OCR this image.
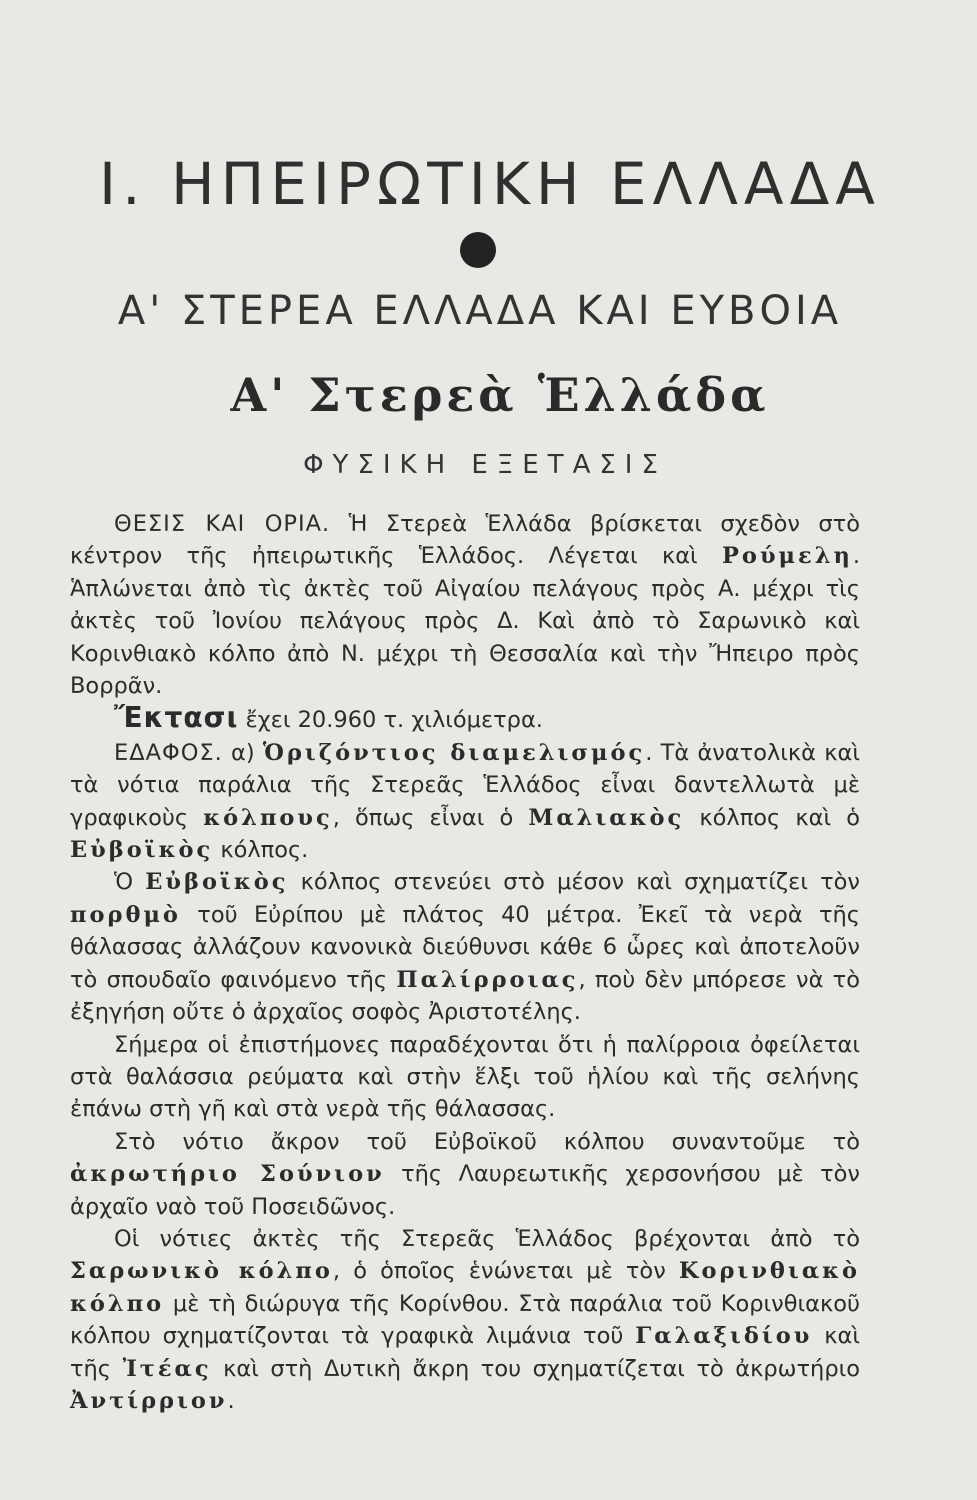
Ι. ΗΠΕΙΡΩΤΙΚΗ ΕΛΛΑΔΑ
Α' ΣΤΕΡΕΑ ΕΛΛΑΔΑ ΚΑΙ ΕΥΒΟΙΑ
Α' Στερεὰ Ἑλλάδα
ΦΥΣΙΚΗ ΕΞΕΤΑΣΙΣ

ΘΕΣΙΣ ΚΑΙ ΟΡΙΑ. Ἡ Στερεὰ Ἑλλάδα βρίσκεται σχεδὸν στὸ κέντρον τῆς ἠπειρωτικῆς Ἑλλάδος. Λέγεται καὶ Ρούμελη. Ἁπλώνεται ἀπὸ τὶς ἀκτὲς τοῦ Αἰγαίου πελάγους πρὸς Α. μέχρι τὶς ἀκτὲς τοῦ Ἰονίου πελάγους πρὸς Δ. Καὶ ἀπὸ τὸ Σαρωνικὸ καὶ Κορινθιακὸ κόλπο ἀπὸ Ν. μέχρι τὴ Θεσσαλία καὶ τὴν Ἤπειρο πρὸς Βορρᾶν.

Ἔκτασι ἔχει 20.960 τ. χιλιόμετρα.

ΕΔΑΦΟΣ. α) Ὁριζόντιος διαμελισμός. Τὰ ἀνατολικὰ καὶ τὰ νότια παράλια τῆς Στερεᾶς Ἑλλάδος εἶναι δαντελλωτὰ μὲ γραφικοὺς κόλπους, ὅπως εἶναι ὁ Μαλιακὸς κόλπος καὶ ὁ Εὐβοϊκὸς κόλπος.

Ὁ Εὐβοϊκὸς κόλπος στενεύει στὸ μέσον καὶ σχηματίζει τὸν πορθμὸ τοῦ Εὐρίπου μὲ πλάτος 40 μέτρα. Ἐκεῖ τὰ νερὰ τῆς θάλασσας ἀλλάζουν κανονικὰ διεύθυνσι κάθε 6 ὧρες καὶ ἀποτελοῦν τὸ σπουδαῖο φαινόμενο τῆς Παλίρροιας, ποὺ δὲν μπόρεσε νὰ τὸ ἐξηγήση οὔτε ὁ ἀρχαῖος σοφὸς Ἀριστοτέλης.

Σήμερα οἱ ἐπιστήμονες παραδέχονται ὅτι ἡ παλίρροια ὀφείλεται στὰ θαλάσσια ρεύματα καὶ στὴν ἕλξι τοῦ ἡλίου καὶ τῆς σελήνης ἐπάνω στὴ γῆ καὶ στὰ νερὰ τῆς θάλασσας.

Στὸ νότιο ἄκρον τοῦ Εὐβοϊκοῦ κόλπου συναντοῦμε τὸ ἀκρωτήριο Σούνιον τῆς Λαυρεωτικῆς χερσονήσου μὲ τὸν ἀρχαῖο ναὸ τοῦ Ποσειδῶνος.

Οἱ νότιες ἀκτὲς τῆς Στερεᾶς Ἑλλάδος βρέχονται ἀπὸ τὸ Σαρωνικὸ κόλπο, ὁ ὁποῖος ἑνώνεται μὲ τὸν Κορινθιακὸ κόλπο μὲ τὴ διώρυγα τῆς Κορίνθου. Στὰ παράλια τοῦ Κορινθιακοῦ κόλπου σχηματίζονται τὰ γραφικὰ λιμάνια τοῦ Γαλαξιδίου καὶ τῆς Ἰτέας καὶ στὴ Δυτικὴ ἄκρη του σχηματίζεται τὸ ἀκρωτήριο Ἀντίρριον.
